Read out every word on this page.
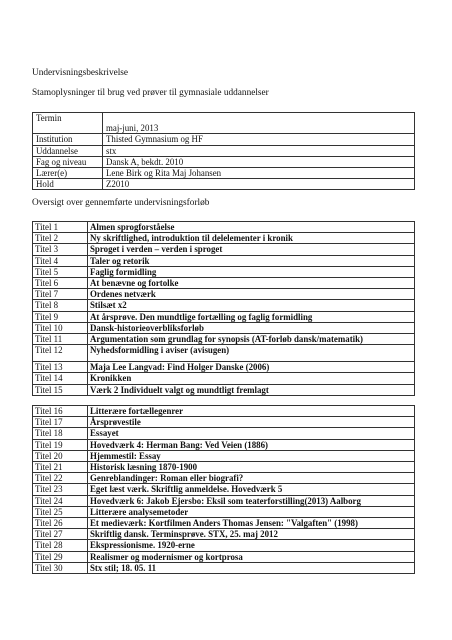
Undervisningsbeskrivelse
Stamoplysninger til brug ved prøver til gymnasiale uddannelser
Termin	maj-juni, 2013
Institution	Thisted Gymnasium og HF
Uddannelse	stx
Fag og niveau	Dansk A, bekdt. 2010
Lærer(e)	Lene Birk og Rita Maj Johansen
Hold	Z2010
Oversigt over gennemførte undervisningsforløb
Titel 1	Almen sprogforståelse
Titel 2	Ny skriftlighed, introduktion til delelementer i kronik
Titel 3	Sproget i verden – verden i sproget
Titel 4	Taler og retorik
Titel 5	Faglig formidling
Titel 6	At benævne og fortolke
Titel 7	Ordenes netværk
Titel 8	Stilsæt x2
Titel 9	At årsprøve. Den mundtlige fortælling og faglig formidling
Titel 10	Dansk-historieoverbliksforløb
Titel 11	Argumentation som grundlag for synopsis (AT-forløb dansk/matematik)
Titel 12	Nyhedsformidling i aviser (avisugen)
Titel 13	Maja Lee Langvad: Find Holger Danske (2006)
Titel 14	Kronikken
Titel 15	Værk 2 Individuelt valgt og mundtligt fremlagt
Titel 16	Litterære fortællegenrer
Titel 17	Årsprøvestile
Titel 18	Essayet
Titel 19	Hovedværk 4: Herman Bang: Ved Veien (1886)
Titel 20	Hjemmestil: Essay
Titel 21	Historisk læsning 1870-1900
Titel 22	Genreblandinger: Roman eller biografi?
Titel 23	Eget læst værk. Skriftlig anmeldelse. Hovedværk 5
Titel 24	Hovedværk 6: Jakob Ejersbo: Eksil som teaterforstilling(2013) Aalborg
Titel 25	Litterære analysemetoder
Titel 26	Et medieværk: Kortfilmen Anders Thomas Jensen: "Valgaften" (1998)
Titel 27	Skriftlig dansk. Terminsprøve. STX, 25. maj 2012
Titel 28	Ekspressionisme. 1920-erne
Titel 29	Realismer og modernismer og kortprosa
Titel 30	Stx stil; 18. 05. 11
